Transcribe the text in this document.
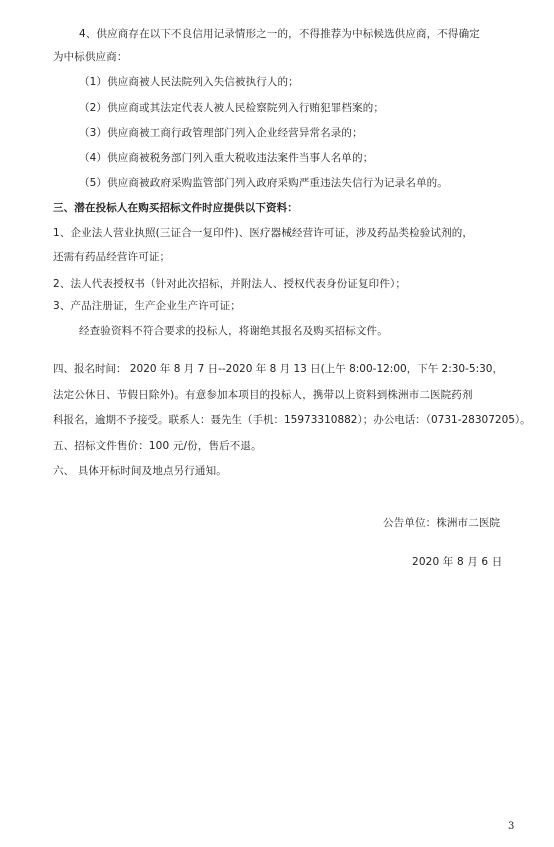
4、供应商存在以下不良信用记录情形之一的，不得推荐为中标候选供应商，不得确定
为中标供应商：
（1）供应商被人民法院列入失信被执行人的；
（2）供应商或其法定代表人被人民检察院列入行贿犯罪档案的；
（3）供应商被工商行政管理部门列入企业经营异常名录的；
（4）供应商被税务部门列入重大税收违法案件当事人名单的；
（5）供应商被政府采购监管部门列入政府采购严重违法失信行为记录名单的。
三、潜在投标人在购买招标文件时应提供以下资料：
1、企业法人营业执照(三证合一复印件)、医疗器械经营许可证，涉及药品类检验试剂的，
还需有药品经营许可证；
2、法人代表授权书（针对此次招标，并附法人、授权代表身份证复印件）；
3、产品注册证，生产企业生产许可证；
经查验资料不符合要求的投标人，将谢绝其报名及购买招标文件。
四、报名时间： 2020 年 8 月 7 日--2020 年 8 月 13 日(上午 8:00-12:00，下午 2:30-5:30，
法定公休日、节假日除外)。有意参加本项目的投标人，携带以上资料到株洲市二医院药剂
科报名，逾期不予接受。联系人：聂先生（手机：15973310882）；办公电话：（0731-28307205）。
五、招标文件售价：100 元/份，售后不退。
六、 具体开标时间及地点另行通知。
公告单位：株洲市二医院
2020 年 8 月 6 日
3
